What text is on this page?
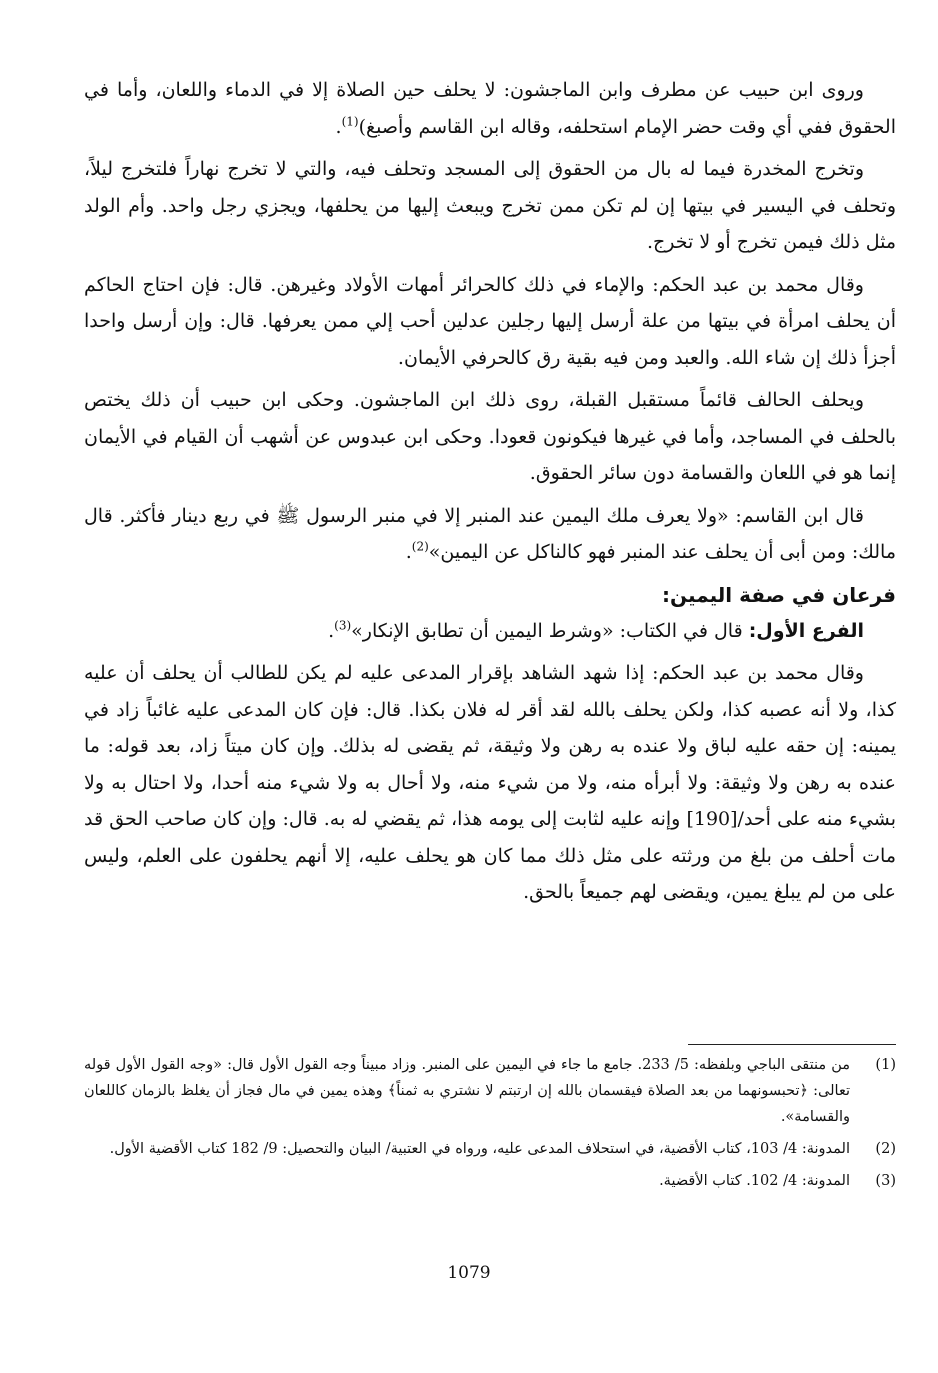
وروى ابن حبيب عن مطرف وابن الماجشون: لا يحلف حين الصلاة إلا في الدماء واللعان، وأما في الحقوق ففي أي وقت حضر الإمام استحلفه، وقاله ابن القاسم وأصبغ)$^{(1)}$.

وتخرج المخدرة فيما له بال من الحقوق إلى المسجد وتحلف فيه، والتي لا تخرج نهاراً فلتخرج ليلاً، وتحلف في اليسير في بيتها إن لم تكن ممن تخرج ويبعث إليها من يحلفها، ويجزي رجل واحد. وأم الولد مثل ذلك فيمن تخرج أو لا تخرج.

وقال محمد بن عبد الحكم: والإماء في ذلك كالحرائر أمهات الأولاد وغيرهن. قال: فإن احتاج الحاكم أن يحلف امرأة في بيتها من علة أرسل إليها رجلين عدلين أحب إلي ممن يعرفها. قال: وإن أرسل واحدا أجزأ ذلك إن شاء الله. والعبد ومن فيه بقية رق كالحرفي الأيمان.

ويحلف الحالف قائماً مستقبل القبلة، روى ذلك ابن الماجشون. وحكى ابن حبيب أن ذلك يختص بالحلف في المساجد، وأما في غيرها فيكونون قعودا. وحكى ابن عبدوس عن أشهب أن القيام في الأيمان إنما هو في اللعان والقسامة دون سائر الحقوق.

قال ابن القاسم: «ولا يعرف ملك اليمين عند المنبر إلا في منبر الرسول ﷺ في ربع دينار فأكثر. قال مالك: ومن أبى أن يحلف عند المنبر فهو كالناكل عن اليمين»$^{(2)}$.

فرعان في صفة اليمين:

الفرع الأول: قال في الكتاب: «وشرط اليمين أن تطابق الإنكار»$^{(3)}$.

وقال محمد بن عبد الحكم: إذا شهد الشاهد بإقرار المدعى عليه لم يكن للطالب أن يحلف أن عليه كذا، ولا أنه عصبه كذا، ولكن يحلف بالله لقد أقر له فلان بكذا. قال: فإن كان المدعى عليه غائباً زاد في يمينه: إن حقه عليه لباق ولا عنده به رهن ولا وثيقة، ثم يقضى له بذلك. وإن كان ميتاً زاد، بعد قوله: ما عنده به رهن ولا وثيقة: ولا أبرأه منه، ولا من شيء منه، ولا أحال به ولا شيء منه أحدا، ولا احتال به ولا بشيء منه على أحد/[190] وإنه عليه لثابت إلى يومه هذا، ثم يقضي له به. قال: وإن كان صاحب الحق قد مات أحلف من بلغ من ورثته على مثل ذلك مما كان هو يحلف عليه، إلا أنهم يحلفون على العلم، وليس على من لم يبلغ يمين، ويقضى لهم جميعاً بالحق.

(1)
من منتقى الباجي وبلفظه: 5/ 233. جامع ما جاء في اليمين على المنبر. وزاد مبيناً وجه القول الأول قال: «وجه القول الأول قوله تعالى: ﴿تحبسونهما من بعد الصلاة فيقسمان بالله إن ارتبتم لا نشتري به ثمناً﴾ وهذه يمين في مال فجاز أن يغلظ بالزمان كاللعان والقسامة».
(2)
المدونة: 4/ 103، كتاب الأقضية، في استحلاف المدعى عليه، ورواه في العتبية/ البيان والتحصيل: 9/ 182 كتاب الأقضية الأول.
(3)
المدونة: 4/ 102. كتاب الأقضية.
1079
